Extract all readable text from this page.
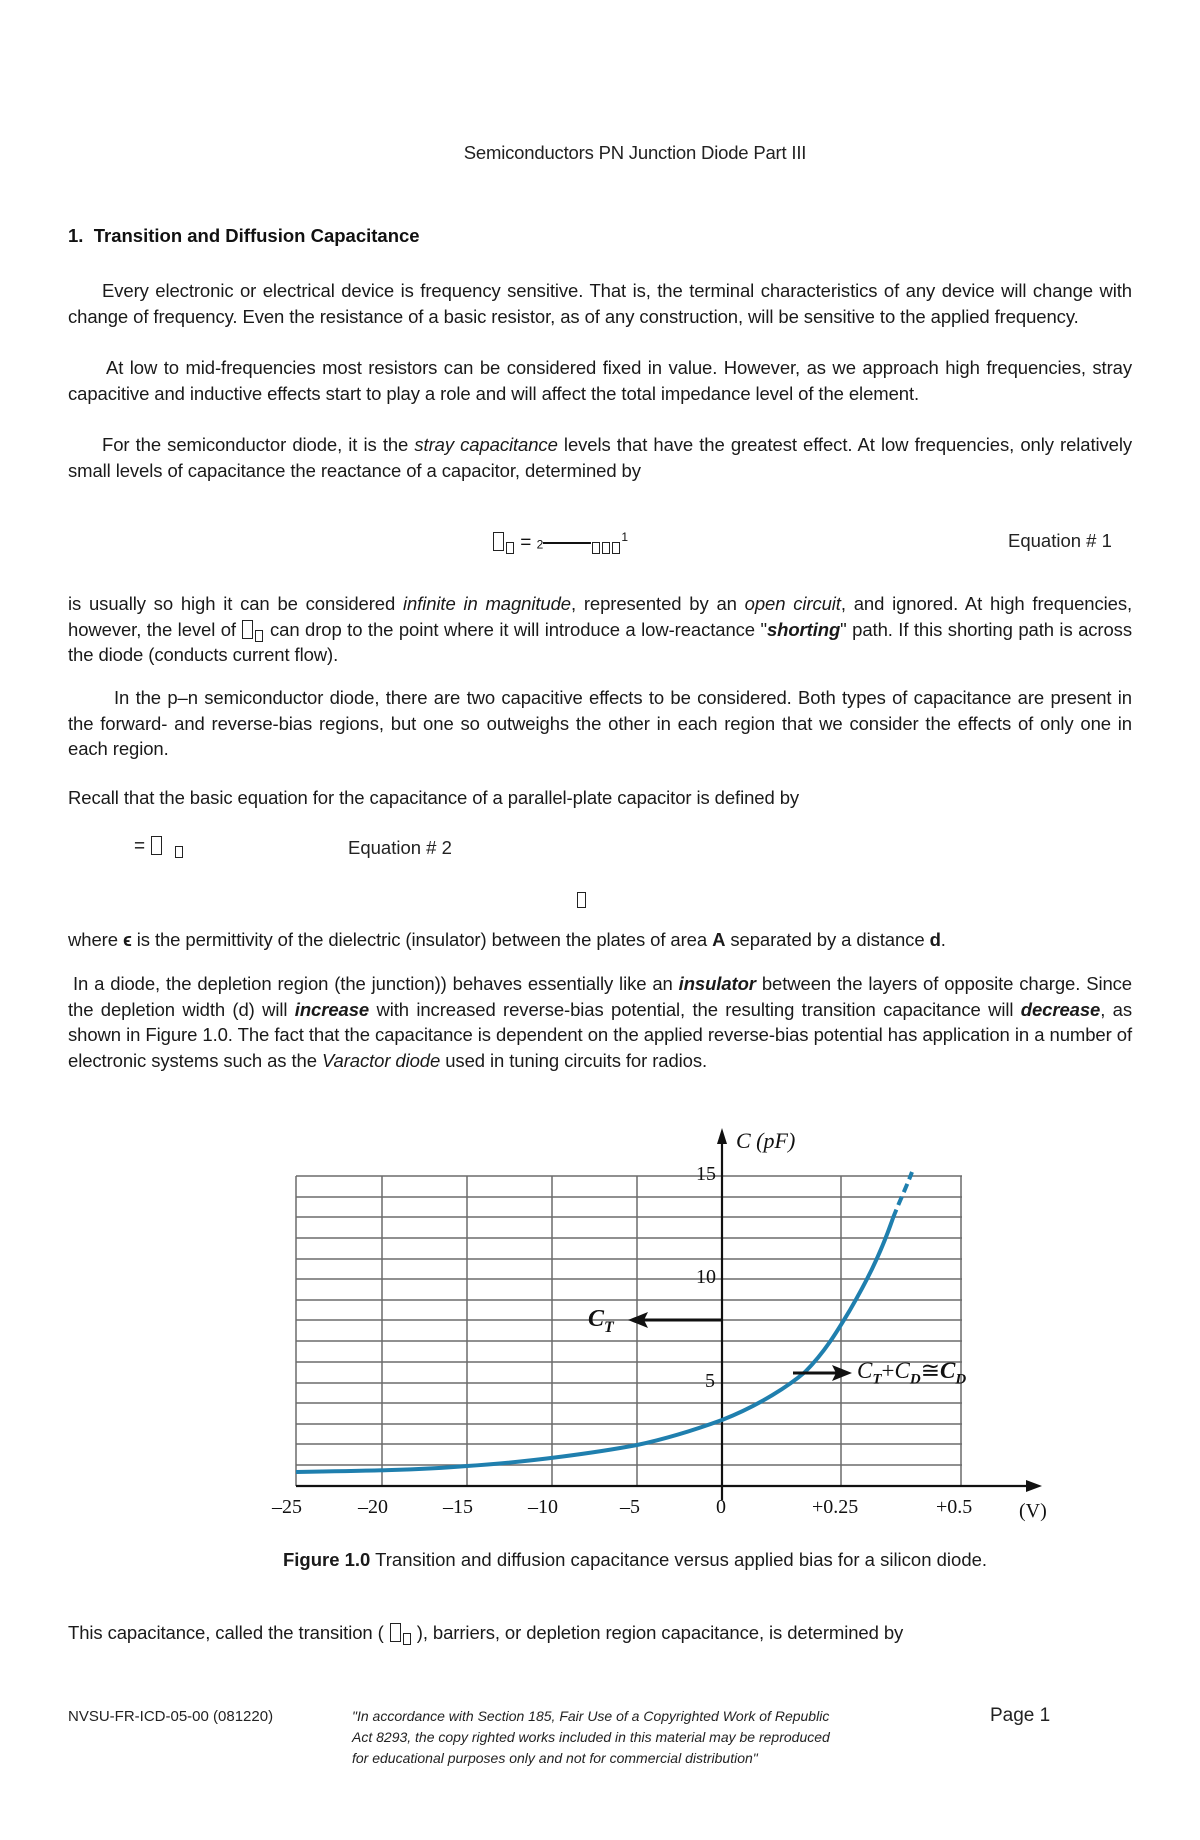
Semiconductors PN Junction Diode Part III
1. Transition and Diffusion Capacitance
Every electronic or electrical device is frequency sensitive. That is, the terminal characteristics of any device will change with change of frequency. Even the resistance of a basic resistor, as of any construction, will be sensitive to the applied frequency.
At low to mid-frequencies most resistors can be considered fixed in value. However, as we approach high frequencies, stray capacitive and inductive effects start to play a role and will affect the total impedance level of the element.
For the semiconductor diode, it is the stray capacitance levels that have the greatest effect. At low frequencies, only relatively small levels of capacitance the reactance of a capacitor, determined by
= $2^1$	Equation # 1
is usually so high it can be considered infinite in magnitude, represented by an open circuit, and ignored. At high frequencies, however, the level of  can drop to the point where it will introduce a low-reactance "shorting" path. If this shorting path is across the diode (conducts current flow).
In the p–n semiconductor diode, there are two capacitive effects to be considered. Both types of capacitance are present in the forward- and reverse-bias regions, but one so outweighs the other in each region that we consider the effects of only one in each region.
Recall that the basic equation for the capacitance of a parallel-plate capacitor is defined by
=	Equation # 2
where ϵ is the permittivity of the dielectric (insulator) between the plates of area A separated by a distance d.
In a diode, the depletion region (the junction)) behaves essentially like an insulator between the layers of opposite charge. Since the depletion width (d) will increase with increased reverse-bias potential, the resulting transition capacitance will decrease, as shown in Figure 1.0. The fact that the capacitance is dependent on the applied reverse-bias potential has application in a number of electronic systems such as the Varactor diode used in tuning circuits for radios.
C (pF)
15
10
5
–25	–20	–15	–10	–5	0	+0.25	+0.5 (V)
$C_T$
$C_T+C_D≅C_D$
Figure 1.0 Transition and diffusion capacitance versus applied bias for a silicon diode.
This capacitance, called the transition (  ), barriers, or depletion region capacitance, is determined by
NVSU-FR-ICD-05-00 (081220)	"In accordance with Section 185, Fair Use of a Copyrighted Work of Republic
Act 8293, the copy righted works included in this material may be reproduced
for educational purposes only and not for commercial distribution"
Page 1
